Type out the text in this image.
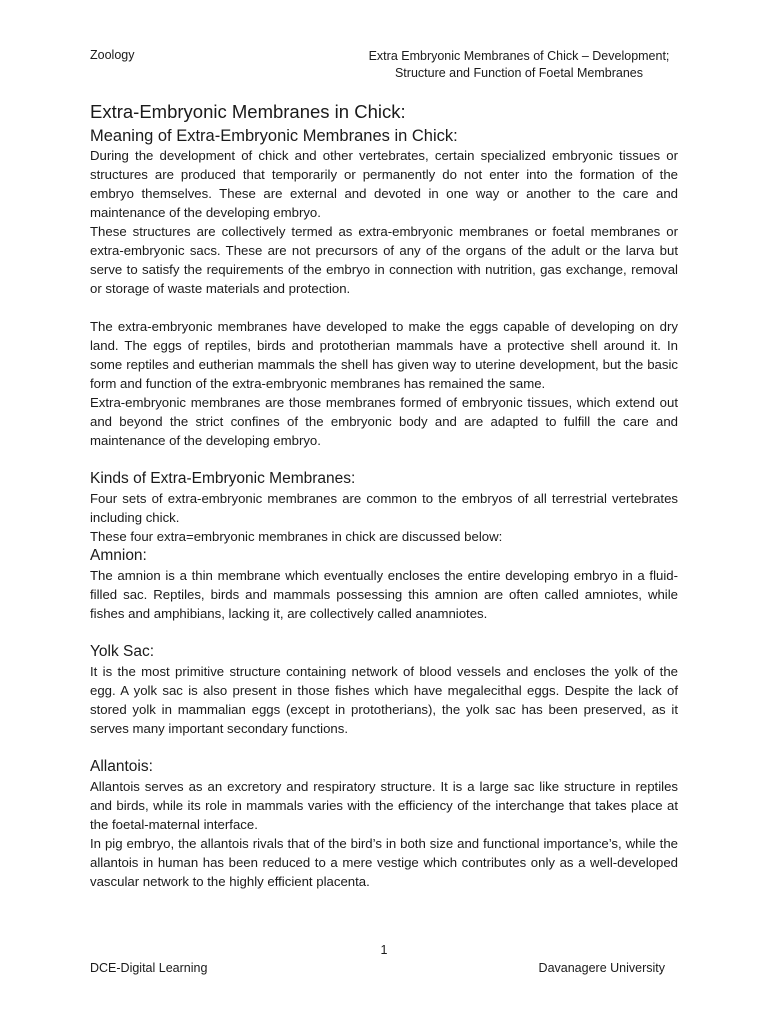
Zoology	Extra Embryonic Membranes of Chick – Development;
Structure and Function of Foetal Membranes
Extra-Embryonic Membranes in Chick:
Meaning of Extra-Embryonic Membranes in Chick:

During the development of chick and other vertebrates, certain specialized embryonic tissues or structures are produced that temporarily or permanently do not enter into the formation of the embryo themselves. These are external and devoted in one way or another to the care and maintenance of the developing embryo.

These structures are collectively termed as extra-embryonic membranes or foetal membranes or extra-embryonic sacs. These are not precursors of any of the organs of the adult or the larva but serve to satisfy the requirements of the embryo in connection with nutrition, gas exchange, removal or storage of waste materials and protection.

The extra-embryonic membranes have developed to make the eggs capable of developing on dry land. The eggs of reptiles, birds and prototherian mammals have a protective shell around it. In some reptiles and eutherian mammals the shell has given way to uterine development, but the basic form and function of the extra-embryonic membranes has remained the same.

Extra-embryonic membranes are those membranes formed of embryonic tissues, which extend out and beyond the strict confines of the embryonic body and are adapted to fulfill the care and maintenance of the developing embryo.

Kinds of Extra-Embryonic Membranes:

Four sets of extra-embryonic membranes are common to the embryos of all terrestrial vertebrates including chick.

These four extra=embryonic membranes in chick are discussed below:

Amnion:

The amnion is a thin membrane which eventually encloses the entire developing embryo in a fluid-filled sac. Reptiles, birds and mammals possessing this amnion are often called amniotes, while fishes and amphibians, lacking it, are collectively called anamniotes.

Yolk Sac:

It is the most primitive structure containing network of blood vessels and encloses the yolk of the egg. A yolk sac is also present in those fishes which have megalecithal eggs. Despite the lack of stored yolk in mammalian eggs (except in prototherians), the yolk sac has been preserved, as it serves many important secondary functions.

Allantois:

Allantois serves as an excretory and respiratory structure. It is a large sac like structure in reptiles and birds, while its role in mammals varies with the efficiency of the interchange that takes place at the foetal-maternal interface.

In pig embryo, the allantois rivals that of the bird’s in both size and functional importance’s, while the allantois in human has been reduced to a mere vestige which contributes only as a well-developed vascular network to the highly efficient placenta.

1
DCE-Digital Learning	Davanagere University
